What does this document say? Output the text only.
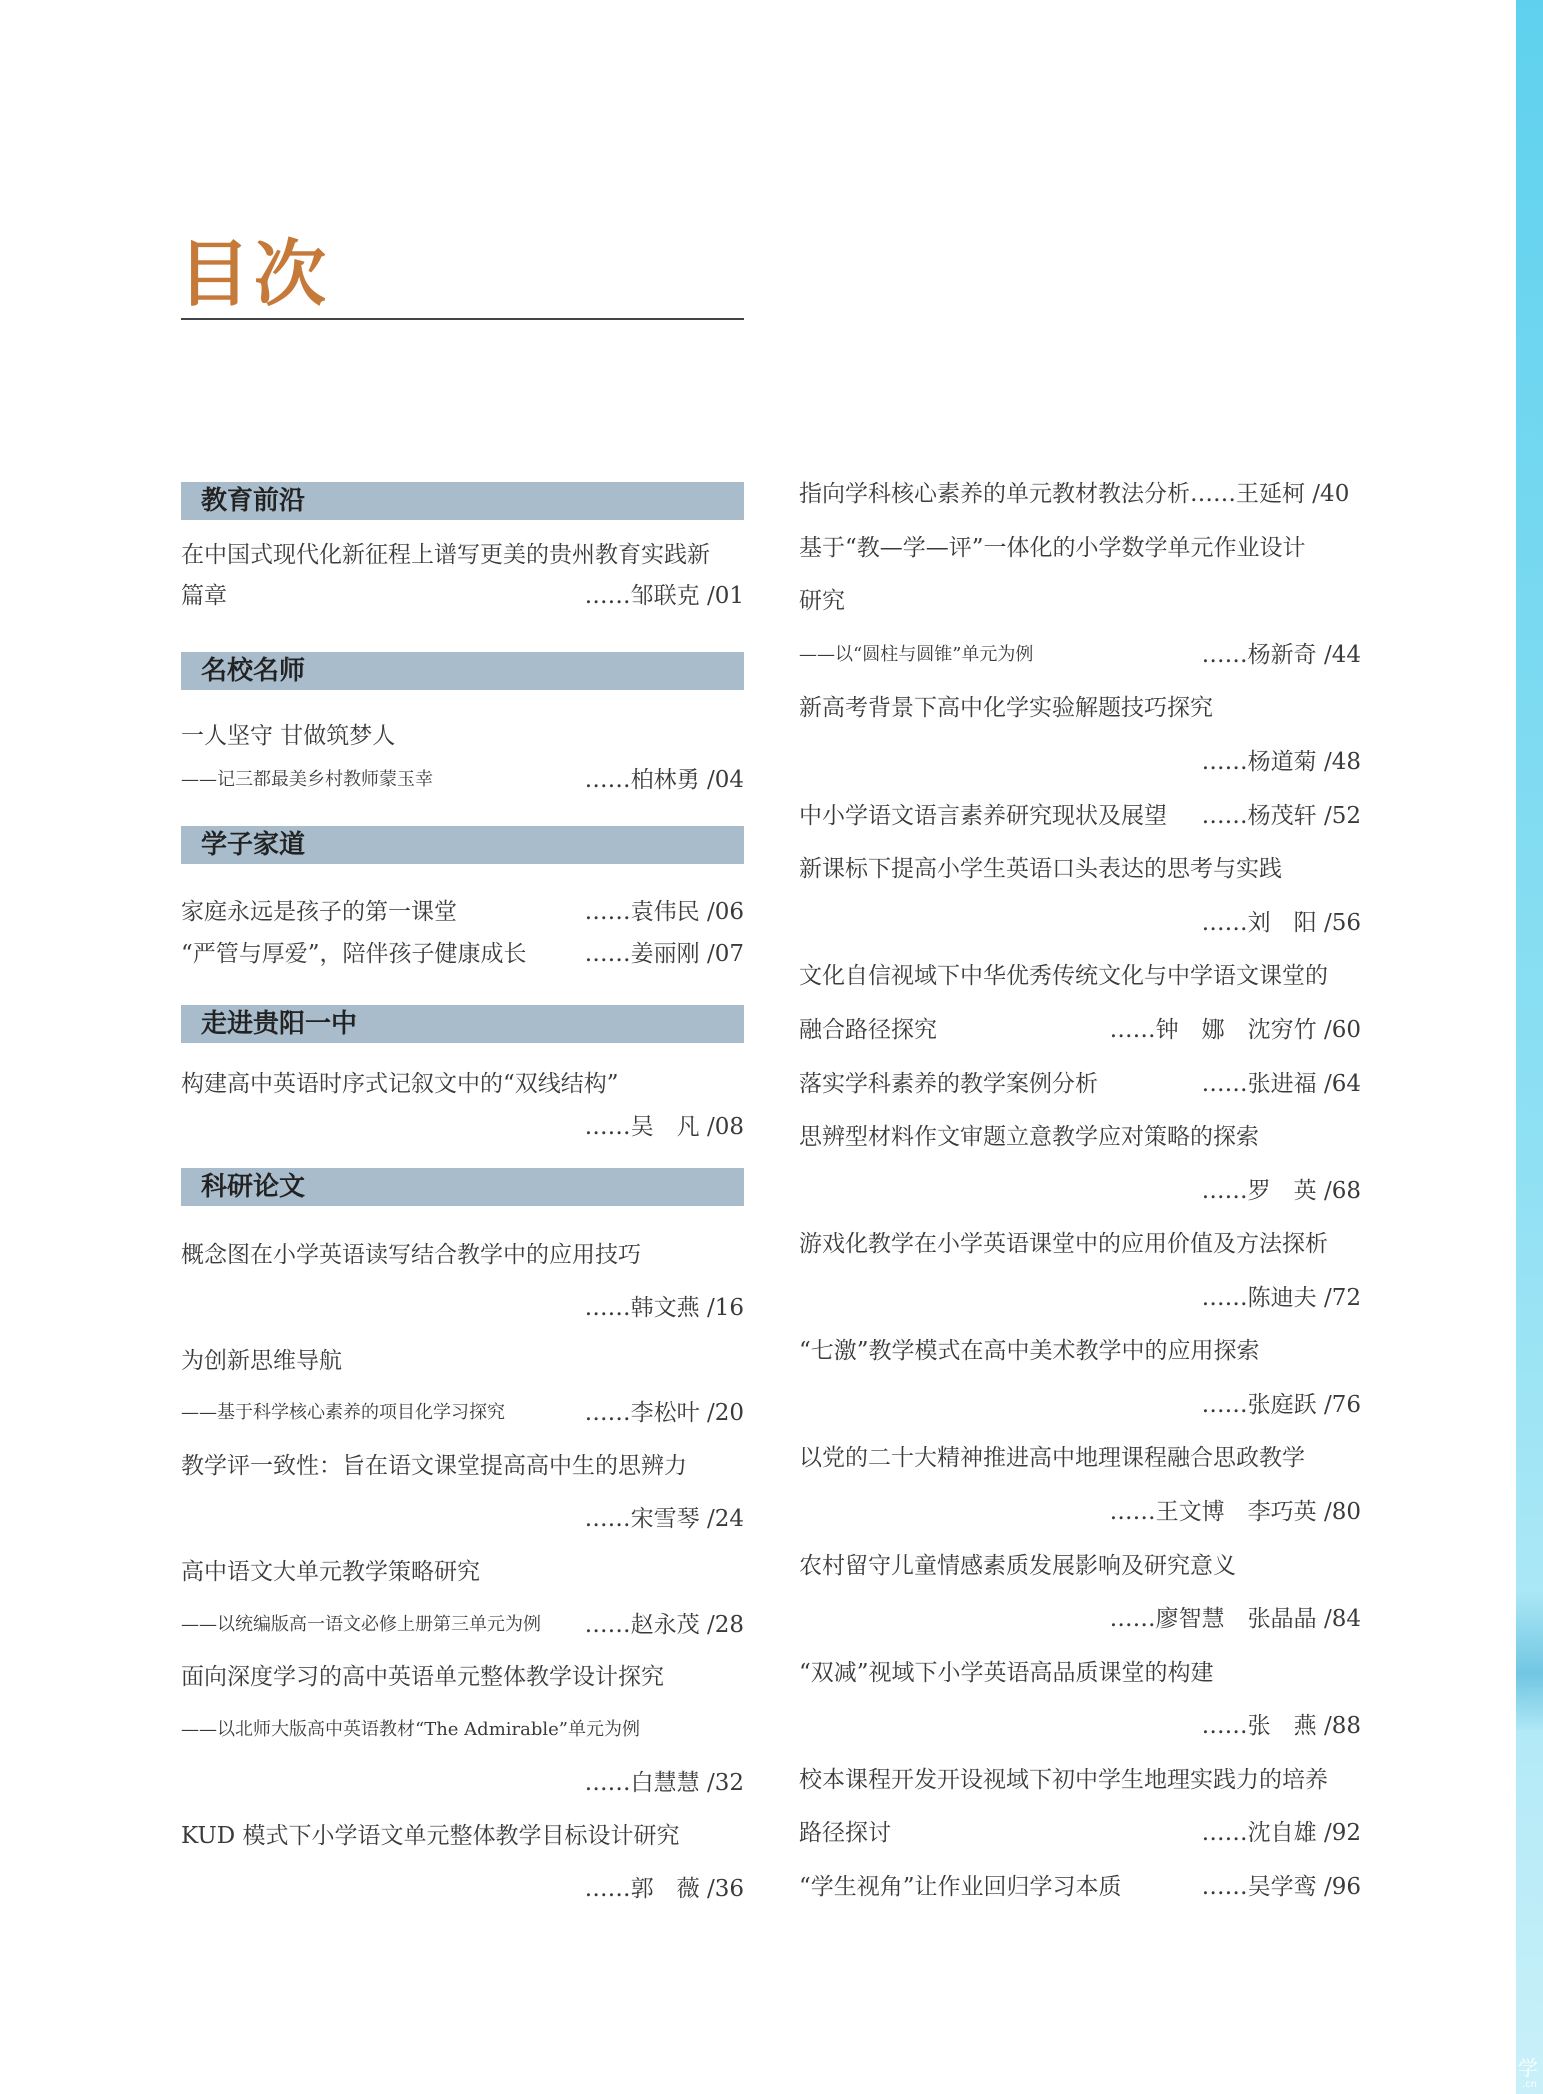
学
.cn
目次
教育前沿
在中国式现代化新征程上谱写更美的贵州教育实践新
篇章	……邹联克 /01
名校名师
一人坚守 甘做筑梦人
——记三都最美乡村教师蒙玉幸	……柏林勇 /04
学子家道
家庭永远是孩子的第一课堂	……袁伟民 /06
“严管与厚爱”，陪伴孩子健康成长	……姜丽刚 /07
走进贵阳一中
构建高中英语时序式记叙文中的“双线结构”
……吴　凡 /08
科研论文
概念图在小学英语读写结合教学中的应用技巧
……韩文燕 /16
为创新思维导航
——基于科学核心素养的项目化学习探究	……李松叶 /20
教学评一致性：旨在语文课堂提高高中生的思辨力
……宋雪琴 /24
高中语文大单元教学策略研究
——以统编版高一语文必修上册第三单元为例 ……赵永茂 /28
面向深度学习的高中英语单元整体教学设计探究
——以北师大版高中英语教材“The Admirable”单元为例
……白慧慧 /32
KUD 模式下小学语文单元整体教学目标设计研究
……郭　薇 /36
指向学科核心素养的单元教材教法分析……王延柯 /40
基于“教—学—评”一体化的小学数学单元作业设计
研究
——以“圆柱与圆锥”单元为例	……杨新奇 /44
新高考背景下高中化学实验解题技巧探究
……杨道菊 /48
中小学语文语言素养研究现状及展望 ……杨茂轩 /52
新课标下提高小学生英语口头表达的思考与实践
……刘　阳 /56
文化自信视域下中华优秀传统文化与中学语文课堂的
融合路径探究	……钟　娜　沈穷竹 /60
落实学科素养的教学案例分析	……张进福 /64
思辨型材料作文审题立意教学应对策略的探索
……罗　英 /68
游戏化教学在小学英语课堂中的应用价值及方法探析
……陈迪夫 /72
“七激”教学模式在高中美术教学中的应用探索
……张庭跃 /76
以党的二十大精神推进高中地理课程融合思政教学
……王文博　李巧英 /80
农村留守儿童情感素质发展影响及研究意义
……廖智慧　张晶晶 /84
“双减”视域下小学英语高品质课堂的构建
……张　燕 /88
校本课程开发开设视域下初中学生地理实践力的培养
路径探讨	……沈自雄 /92
“学生视角”让作业回归学习本质	……吴学鸾 /96
